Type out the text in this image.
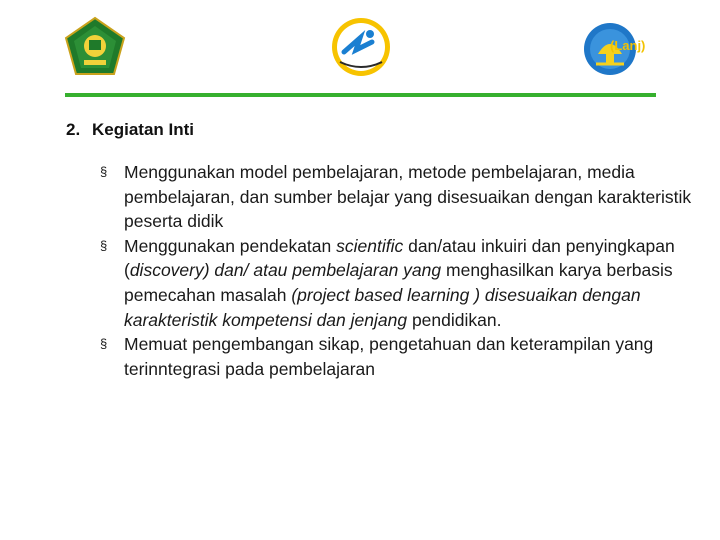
(Lanj)
2. Kegiatan Inti
§ Menggunakan model pembelajaran, metode pembelajaran, media pembelajaran, dan sumber belajar yang disesuaikan dengan karakteristik peserta didik
§ Menggunakan pendekatan scientific dan/atau inkuiri dan penyingkapan (discovery) dan/ atau pembelajaran yang menghasilkan karya berbasis pemecahan masalah (project based learning ) disesuaikan dengan karakteristik kompetensi dan jenjang pendidikan.
§ Memuat pengembangan sikap, pengetahuan dan keterampilan yang terinntegrasi pada pembelajaran
